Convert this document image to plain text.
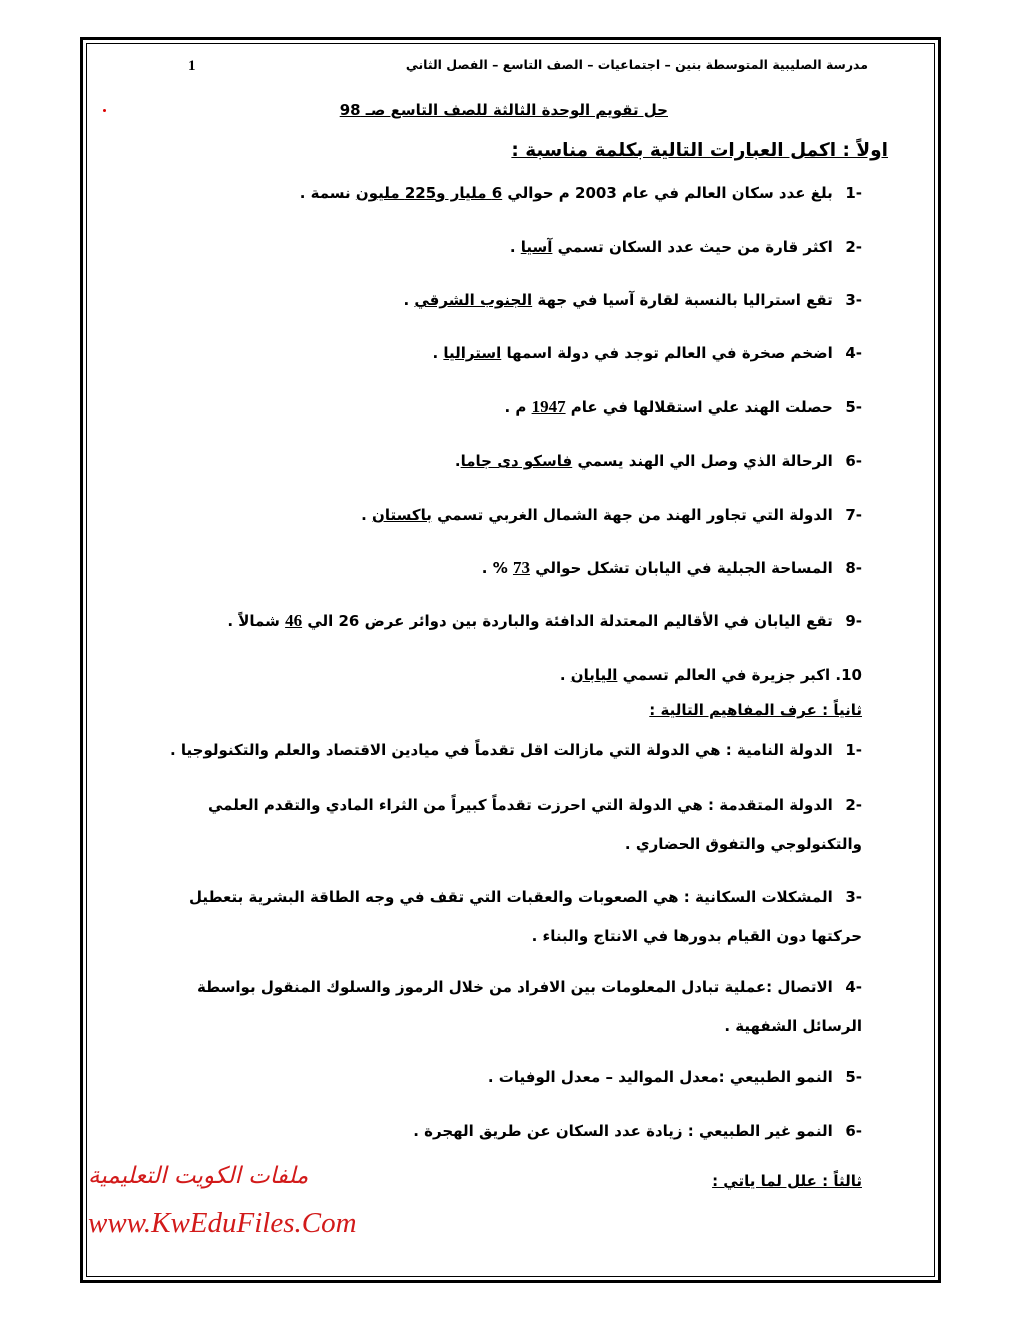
1	مدرسة الصليبية المتوسطة بنين – اجتماعيات – الصف التاسع – الفصل الثاني
حل تقويم الوحدة الثالثة للصف التاسع صـ 98
اولاً : اكمل العبارات التالية بكلمة مناسبة :
-1 بلغ عدد سكان العالم في عام 2003 م حوالي 6 مليار و225 مليون نسمة .
-2 اكثر قارة من حيث عدد السكان تسمي آسيا .
-3 تقع استراليا بالنسبة لقارة آسيا في جهة الجنوب الشرقي .
-4 اضخم صخرة في العالم توجد في دولة اسمها استراليا .
-5 حصلت الهند علي استقلالها في عام 1947 م .
-6 الرحالة الذي وصل الي الهند يسمي فاسكو دى جاما.
-7 الدولة التي تجاور الهند من جهة الشمال الغربي تسمي باكستان .
-8 المساحة الجبلية في اليابان تشكل حوالي 73 % .
-9 تقع اليابان في الأقاليم المعتدلة الدافئة والباردة بين دوائر عرض 26 الي 46 شمالاً .
10. اكبر جزيرة في العالم تسمي اليابان .
ثانياً : عرف المفاهيم التالية :
-1 الدولة النامية : هي الدولة التي مازالت اقل تقدماً في ميادين الاقتصاد والعلم والتكنولوجيا .
-2 الدولة المتقدمة : هي الدولة التي احرزت تقدماً كبيراً من الثراء المادي والتقدم العلمي والتكنولوجي والتفوق الحضاري .
-3 المشكلات السكانية : هي الصعوبات والعقبات التي تقف في وجه الطاقة البشرية بتعطيل حركتها دون القيام بدورها في الانتاج والبناء .
-4 الاتصال :عملية تبادل المعلومات بين الافراد من خلال الرموز والسلوك المنقول بواسطة الرسائل الشفهية .
-5 النمو الطبيعي :معدل المواليد – معدل الوفيات .
-6 النمو غير الطبيعي : زيادة عدد السكان عن طريق الهجرة .
ثالثاً : علل لما ياتي :
ملفات الكويت التعليمية
www.KwEduFiles.Com
